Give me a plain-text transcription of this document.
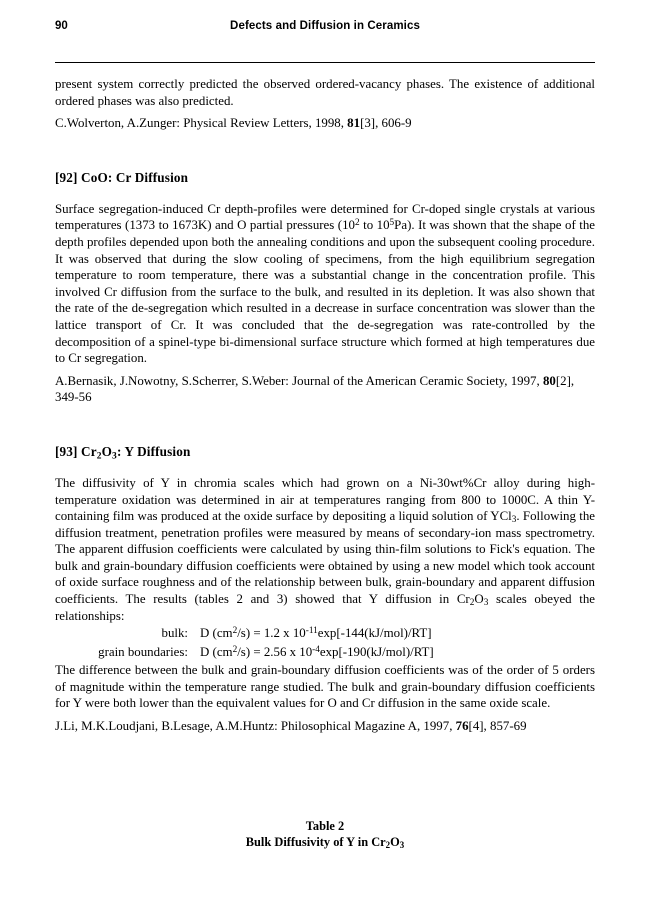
90	Defects and Diffusion in Ceramics

present system correctly predicted the observed ordered-vacancy phases. The existence of additional ordered phases was also predicted.

C.Wolverton, A.Zunger: Physical Review Letters, 1998, 81[3], 606-9

[92] CoO: Cr Diffusion

Surface segregation-induced Cr depth-profiles were determined for Cr-doped single crystals at various temperatures (1373 to 1673K) and O partial pressures ($10^2$ to $10^5Pa$). It was shown that the shape of the depth profiles depended upon both the annealing conditions and upon the subsequent cooling procedure. It was observed that during the slow cooling of specimens, from the high equilibrium segregation temperature to room temperature, there was a substantial change in the concentration profile. This involved Cr diffusion from the surface to the bulk, and resulted in its depletion. It was also shown that the rate of the de-segregation which resulted in a decrease in surface concentration was slower than the lattice transport of Cr. It was concluded that the de-segregation was rate-controlled by the decomposition of a spinel-type bi-dimensional surface structure which formed at high temperatures due to Cr segregation.

A.Bernasik, J.Nowotny, S.Scherrer, S.Weber: Journal of the American Ceramic Society, 1997, 80[2], 349-56

[93] $Cr_2O_3$: Y Diffusion

The diffusivity of Y in chromia scales which had grown on a Ni-30wt%Cr alloy during high-temperature oxidation was determined in air at temperatures ranging from 800 to 1000C. A thin Y-containing film was produced at the oxide surface by depositing a liquid solution of YCl$_3$. Following the diffusion treatment, penetration profiles were measured by means of secondary-ion mass spectrometry. The apparent diffusion coefficients were calculated by using thin-film solutions to Fick's equation. The bulk and grain-boundary diffusion coefficients were obtained by using a new model which took account of oxide surface roughness and of the relationship between bulk, grain-boundary and apparent diffusion coefficients. The results (tables 2 and 3) showed that Y diffusion in $Cr_2O_3$ scales obeyed the relationships:

bulk: D $(cm^2/s) = 1.2$ x $10^{-11}\exp[-144(kJ/mol)/RT]$
grain boundaries: D $(cm^2/s) = 2.56$ x $10^{-4}\exp[-190(kJ/mol)/RT]$

The difference between the bulk and grain-boundary diffusion coefficients was of the order of 5 orders of magnitude within the temperature range studied. The bulk and grain-boundary diffusion coefficients for Y were both lower than the equivalent values for O and Cr diffusion in the same oxide scale.

J.Li, M.K.Loudjani, B.Lesage, A.M.Huntz: Philosophical Magazine A, 1997, 76[4], 857-69

Table 2
Bulk Diffusivity of Y in $Cr_2O_3$
